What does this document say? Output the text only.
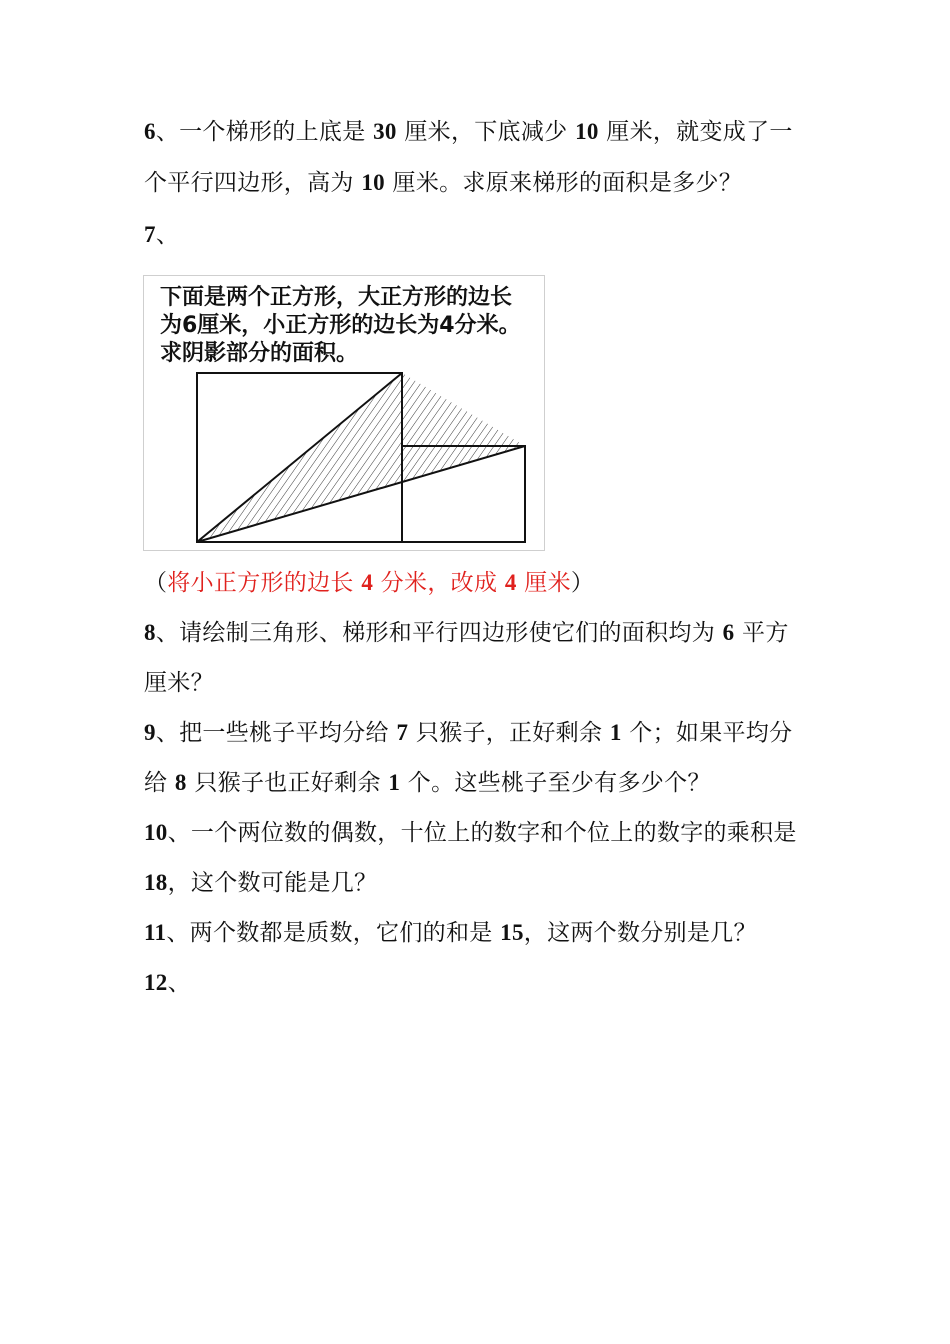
6、一个梯形的上底是 30 厘米，下底减少 10 厘米，就变成了一
个平行四边形，高为 10 厘米。求原来梯形的面积是多少？
7、
下面是两个正方形，大正方形的边长
为6厘米，小正方形的边长为4分米。
求阴影部分的面积。
（将小正方形的边长 4 分米，改成 4 厘米）
8、请绘制三角形、梯形和平行四边形使它们的面积均为 6 平方
厘米？
9、把一些桃子平均分给 7 只猴子，正好剩余 1 个；如果平均分
给 8 只猴子也正好剩余 1 个。这些桃子至少有多少个？
10、一个两位数的偶数，十位上的数字和个位上的数字的乘积是
18，这个数可能是几？
11、两个数都是质数，它们的和是 15，这两个数分别是几？
12、
